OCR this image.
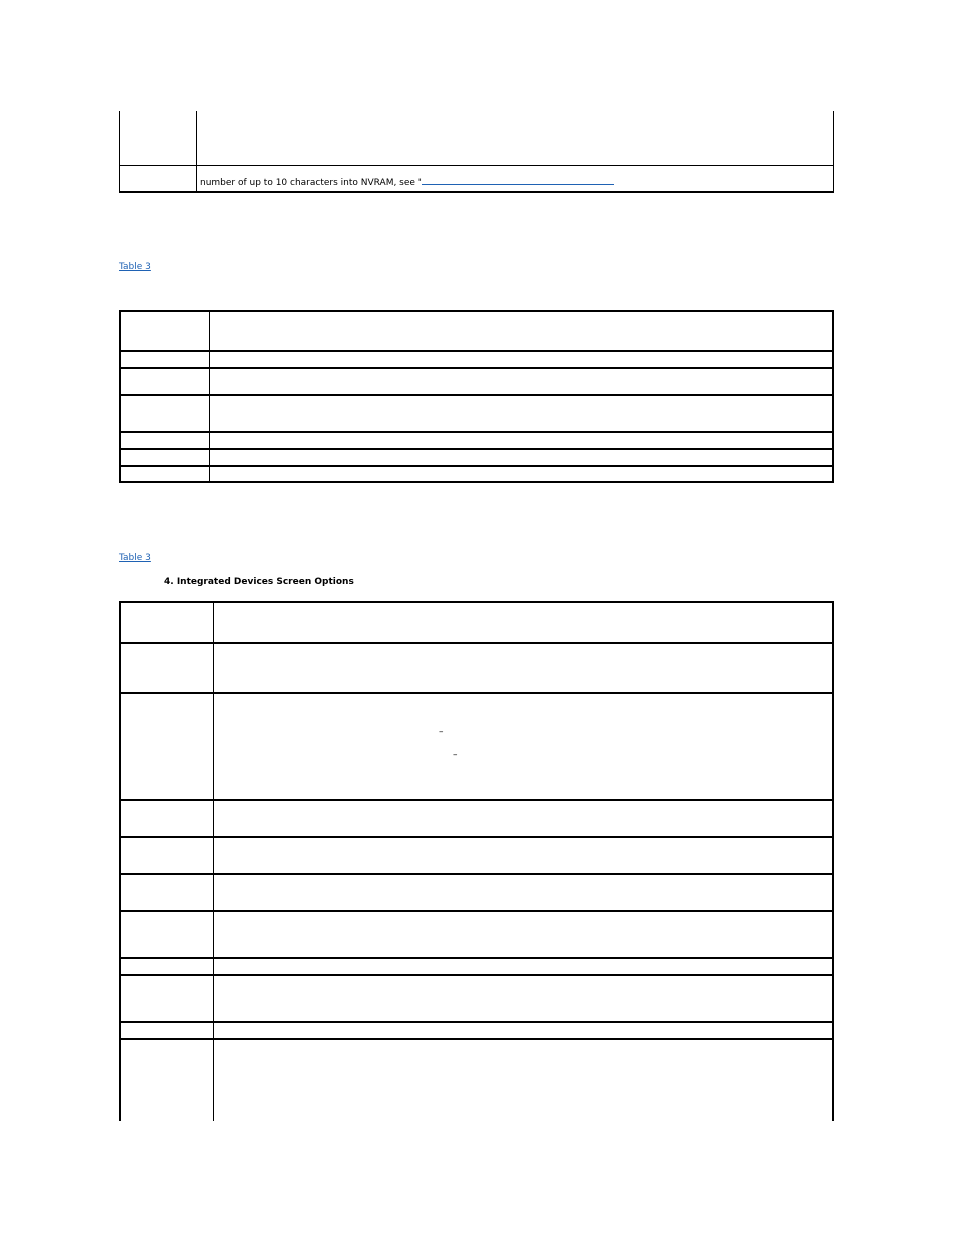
	number of up to 10 characters into NVRAM, see "
Table 3

Table 3
4. Integrated Devices Screen Options

–
–
